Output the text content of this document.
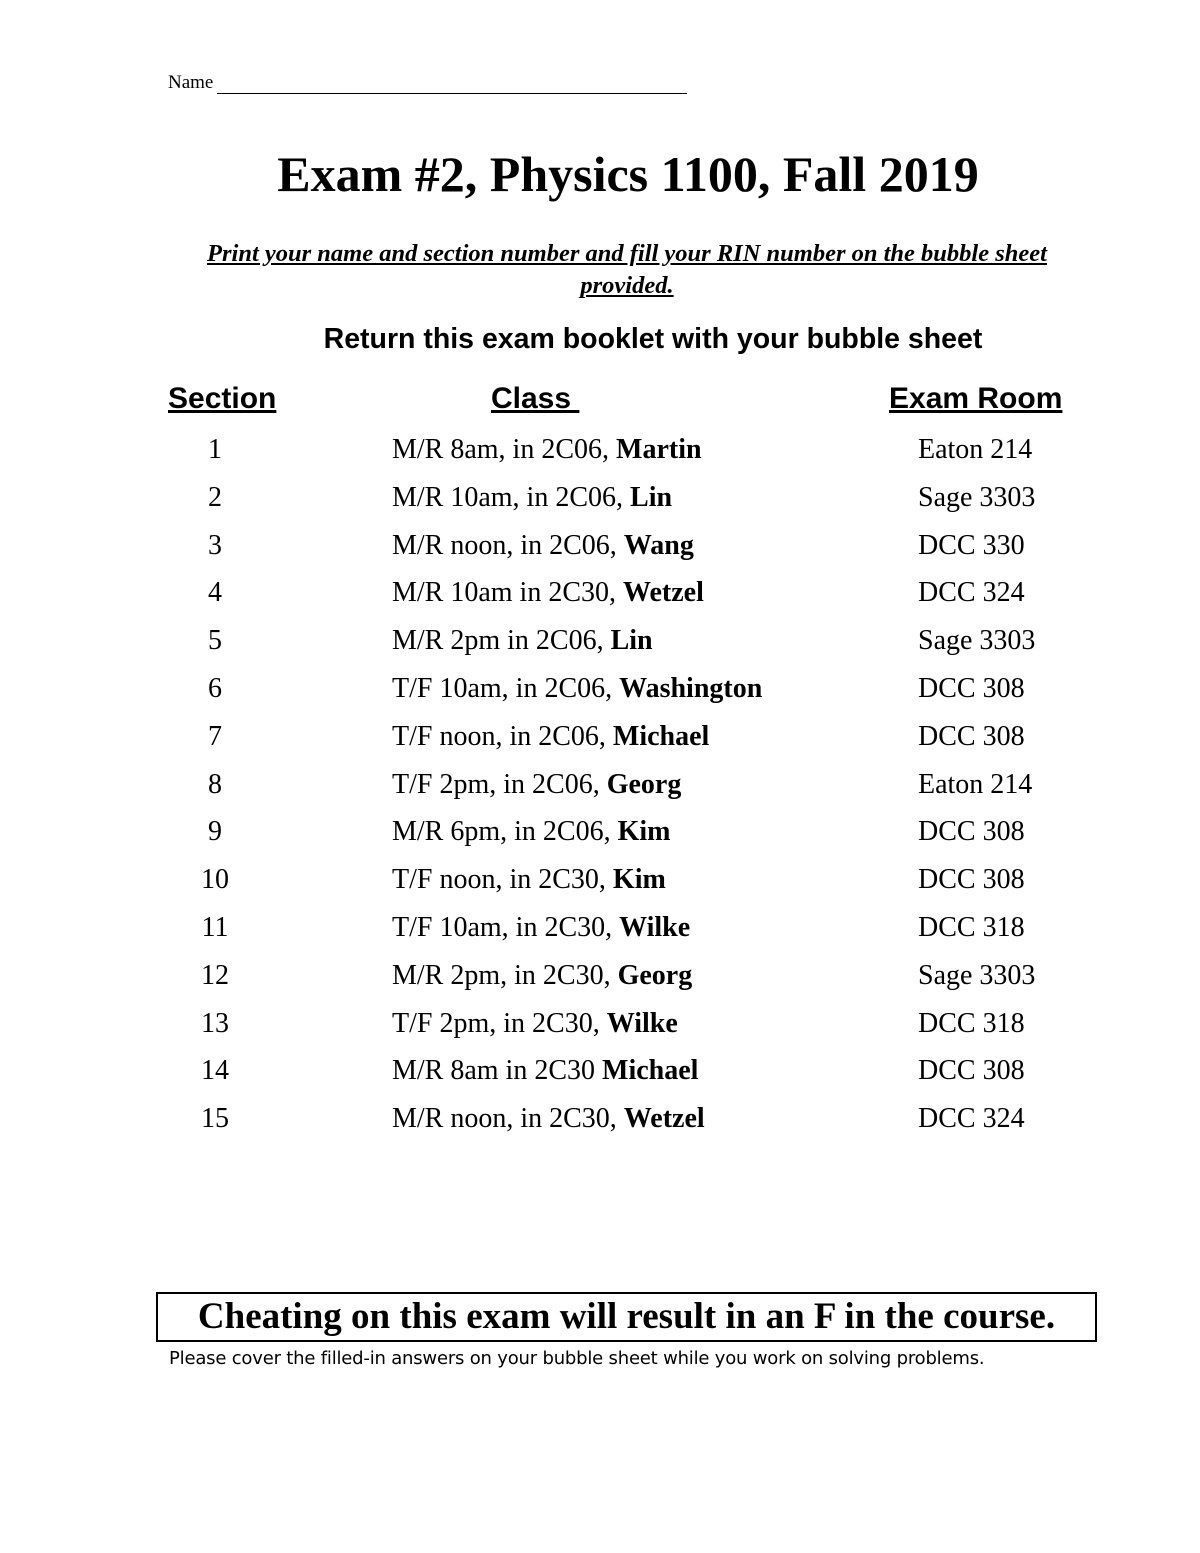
Name
Exam #2, Physics 1100, Fall 2019

Print your name and section number and fill your RIN number on the bubble sheet provided.

Return this exam booklet with your bubble sheet

Section	Class	Exam Room
1	M/R 8am, in 2C06, Martin	Eaton 214
2	M/R 10am, in 2C06, Lin	Sage 3303
3	M/R noon, in 2C06, Wang	DCC 330
4	M/R 10am in 2C30, Wetzel	DCC 324
5	M/R 2pm in 2C06, Lin	Sage 3303
6	T/F 10am, in 2C06, Washington	DCC 308
7	T/F noon, in 2C06, Michael	DCC 308
8	T/F 2pm, in 2C06, Georg	Eaton 214
9	M/R 6pm, in 2C06, Kim	DCC 308
10	T/F noon, in 2C30, Kim	DCC 308
11	T/F 10am, in 2C30, Wilke	DCC 318
12	M/R 2pm, in 2C30, Georg	Sage 3303
13	T/F 2pm, in 2C30, Wilke	DCC 318
14	M/R 8am in 2C30 Michael	DCC 308
15	M/R noon, in 2C30, Wetzel	DCC 324
Cheating on this exam will result in an F in the course.
Please cover the filled-in answers on your bubble sheet while you work on solving problems.
